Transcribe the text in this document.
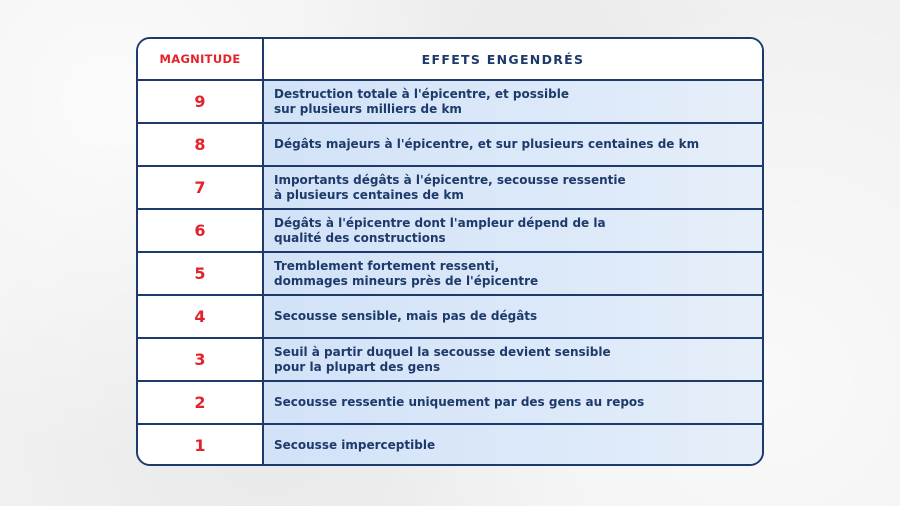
MAGNITUDE	EFFETS ENGENDRÉS
9	Destruction totale à l'épicentre, et possible
sur plusieurs milliers de km
8	Dégâts majeurs à l'épicentre, et sur plusieurs centaines de km
7	Importants dégâts à l'épicentre, secousse ressentie
à plusieurs centaines de km
6	Dégâts à l'épicentre dont l'ampleur dépend de la
qualité des constructions
5	Tremblement fortement ressenti,
dommages mineurs près de l'épicentre
4	Secousse sensible, mais pas de dégâts
3	Seuil à partir duquel la secousse devient sensible
pour la plupart des gens
2	Secousse ressentie uniquement par des gens au repos
1	Secousse imperceptible
